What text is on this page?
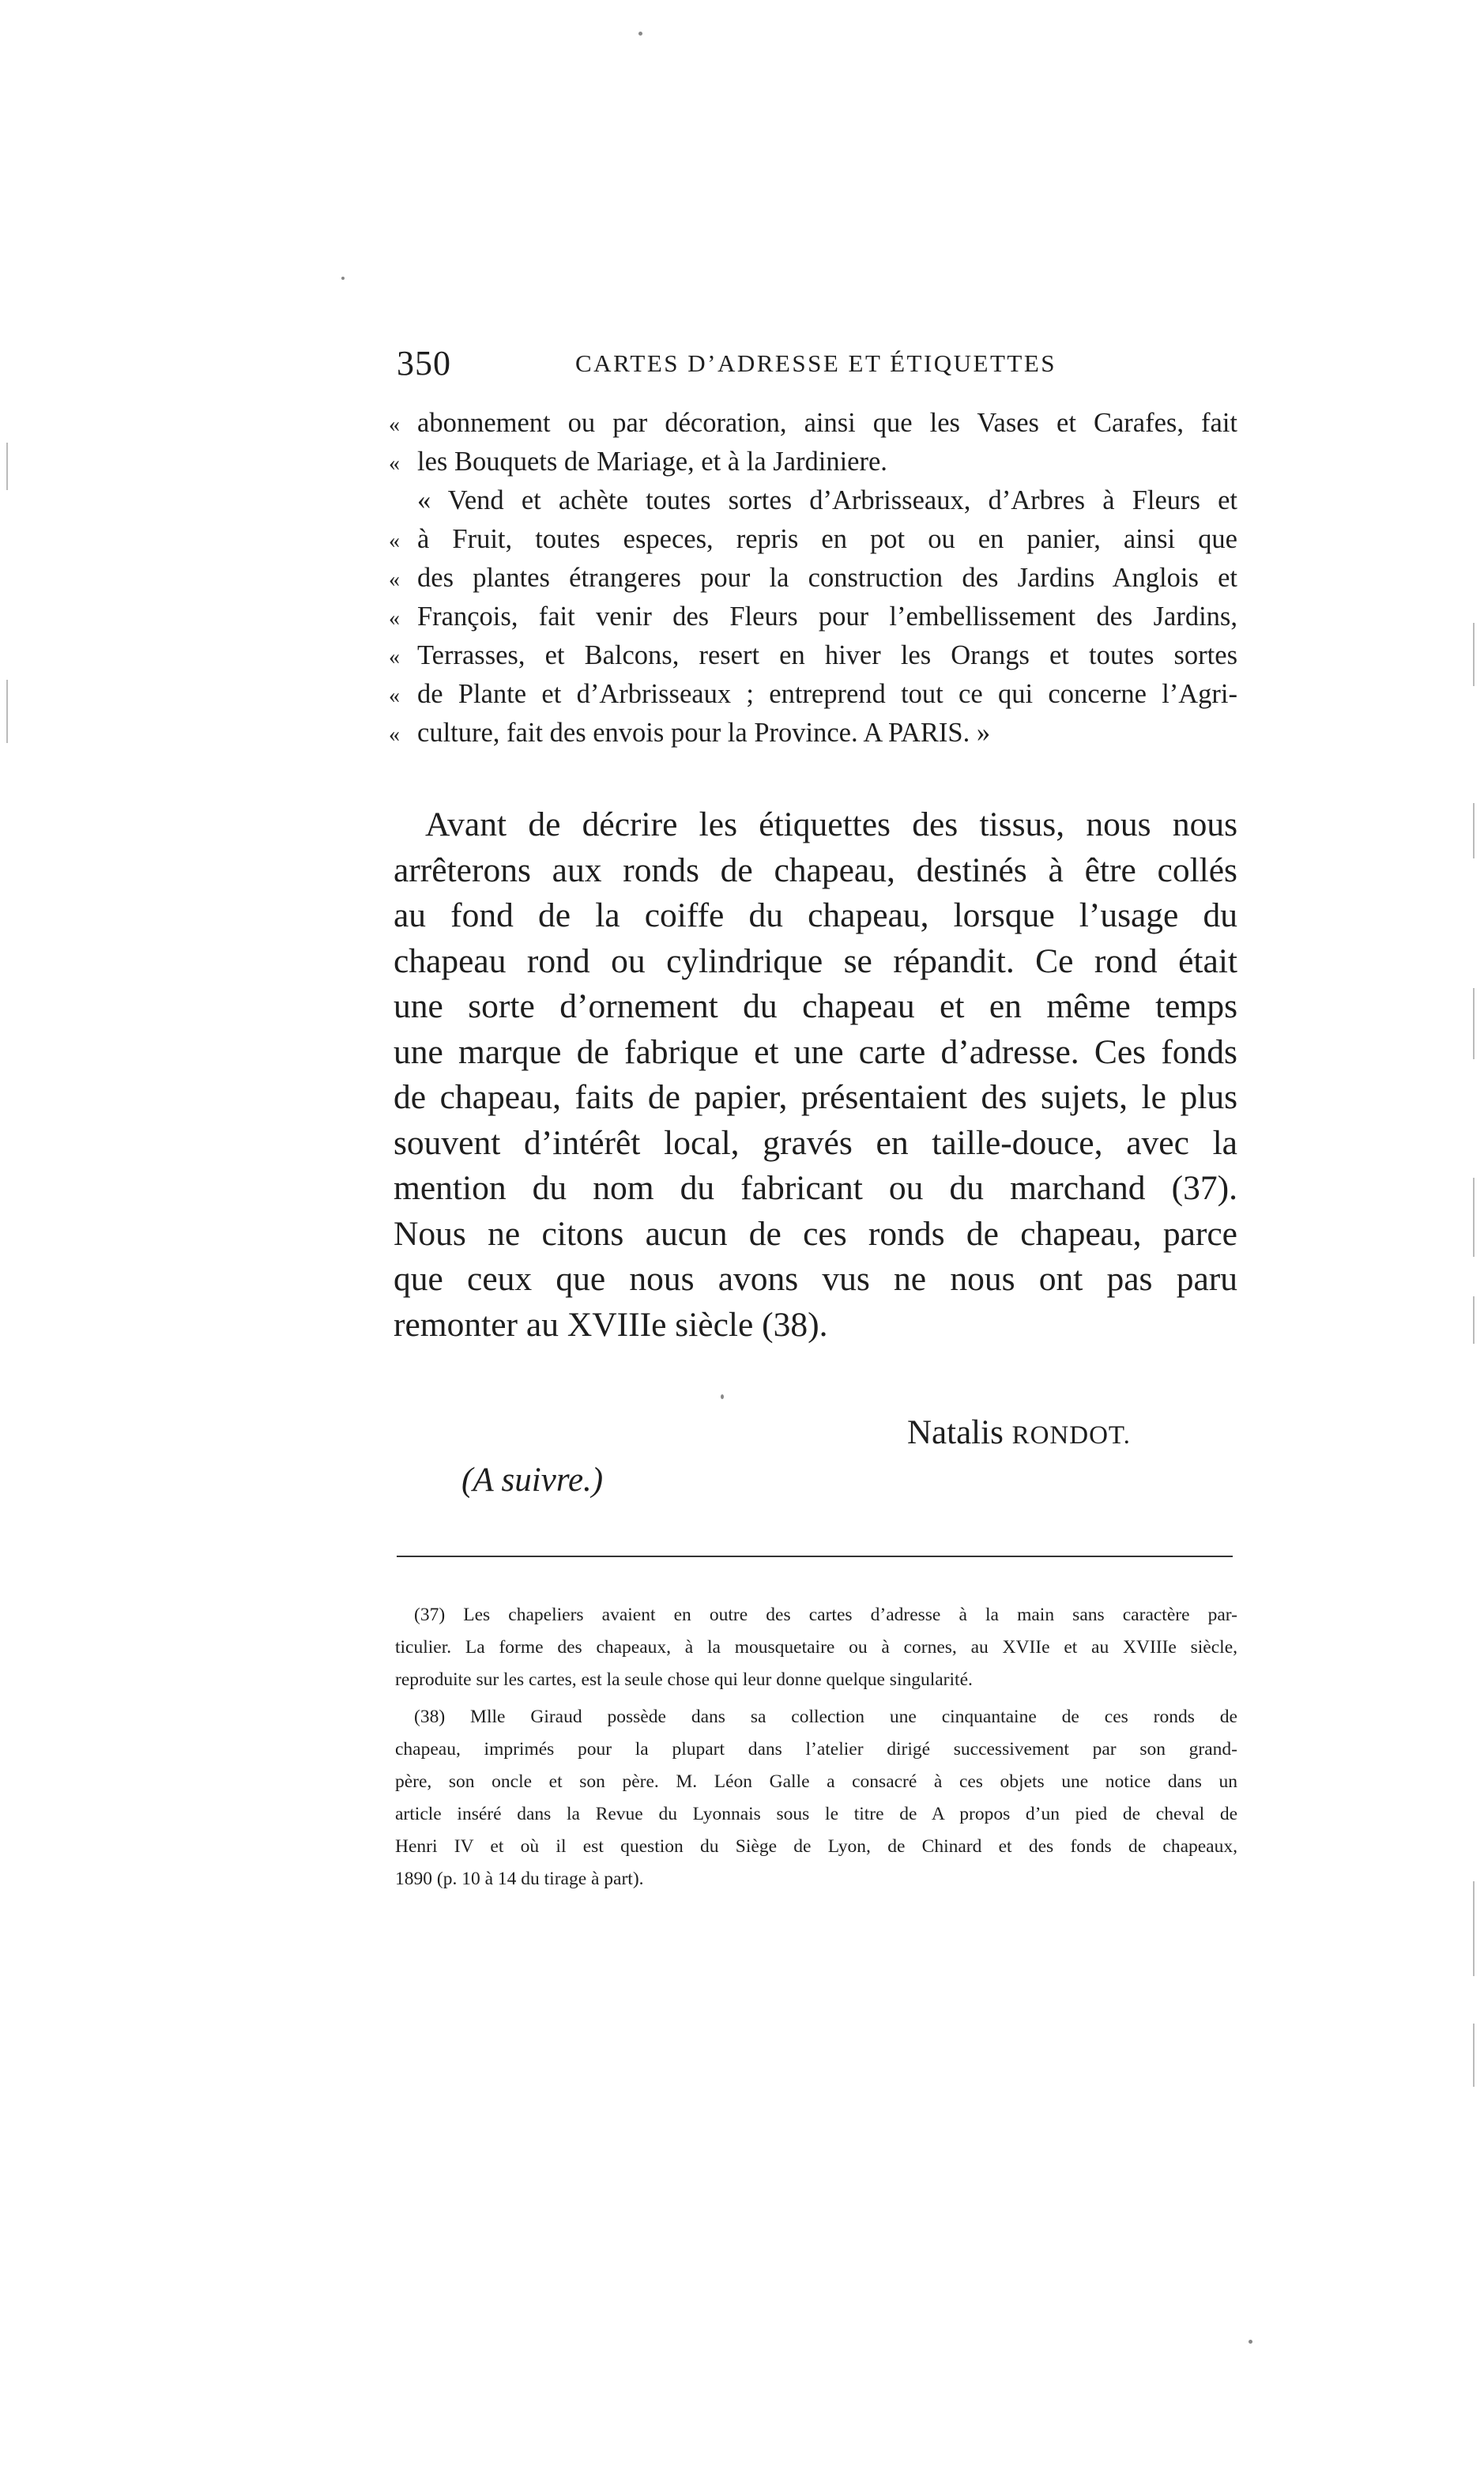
350	CARTES D’ADRESSE ET ÉTIQUETTES
« abonnement ou par décoration, ainsi que les Vases et Carafes, fait
« les Bouquets de Mariage, et à la Jardiniere.
« Vend et achète toutes sortes d’Arbrisseaux, d’Arbres à Fleurs et
« à Fruit, toutes especes, repris en pot ou en panier, ainsi que
« des plantes étrangeres pour la construction des Jardins Anglois et
« François, fait venir des Fleurs pour l’embellissement des Jardins,
« Terrasses, et Balcons, resert en hiver les Orangs et toutes sortes
« de Plante et d’Arbrisseaux ; entreprend tout ce qui concerne l’Agri-
« culture, fait des envois pour la Province. A PARIS. »
Avant de décrire les étiquettes des tissus, nous nous
arrêterons aux ronds de chapeau, destinés à être collés
au fond de la coiffe du chapeau, lorsque l’usage du
chapeau rond ou cylindrique se répandit. Ce rond était
une sorte d’ornement du chapeau et en même temps
une marque de fabrique et une carte d’adresse. Ces fonds
de chapeau, faits de papier, présentaient des sujets, le plus
souvent d’intérêt local, gravés en taille-douce, avec la
mention du nom du fabricant ou du marchand (37).
Nous ne citons aucun de ces ronds de chapeau, parce
que ceux que nous avons vus ne nous ont pas paru
remonter au XVIIIe siècle (38).
Natalis RONDOT.
(A suivre.)
(37) Les chapeliers avaient en outre des cartes d’adresse à la main sans caractère par-
ticulier. La forme des chapeaux, à la mousquetaire ou à cornes, au XVIIe et au XVIIIe siècle,
reproduite sur les cartes, est la seule chose qui leur donne quelque singularité.
(38) Mlle Giraud possède dans sa collection une cinquantaine de ces ronds de
chapeau, imprimés pour la plupart dans l’atelier dirigé successivement par son grand-
père, son oncle et son père. M. Léon Galle a consacré à ces objets une notice dans un
article inséré dans la Revue du Lyonnais sous le titre de A propos d’un pied de cheval de
Henri IV et où il est question du Siège de Lyon, de Chinard et des fonds de chapeaux,
1890 (p. 10 à 14 du tirage à part).
